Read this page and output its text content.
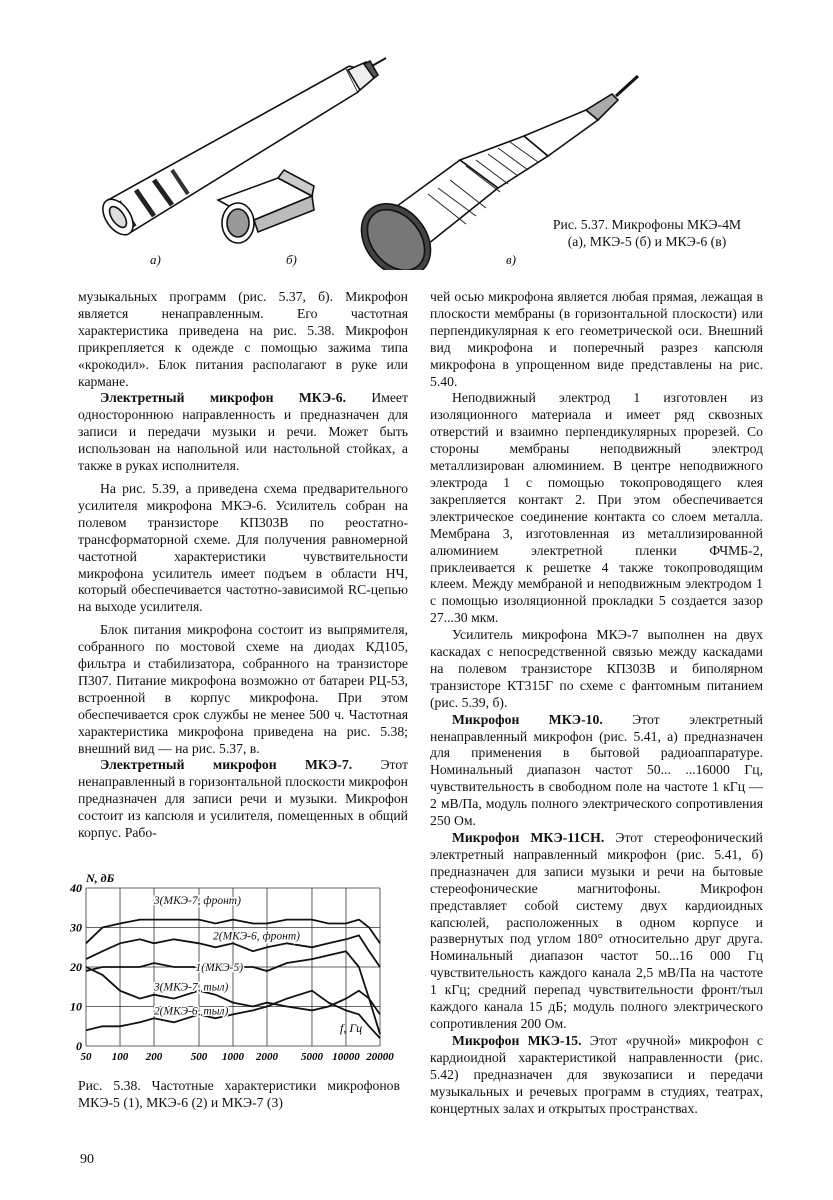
а)	б)	в)
Рис. 5.37. Микрофоны МКЭ-4М (а), МКЭ-5 (б) и МКЭ-6 (в)

музыкальных программ (рис. 5.37, б). Микрофон является ненаправленным. Его частотная характеристика приведена на рис. 5.38. Микрофон прикрепляется к одежде с помощью зажима типа «крокодил». Блок питания располагают в руке или кармане.

Электретный микрофон МКЭ-6. Имеет одностороннюю направленность и предназначен для записи и передачи музыки и речи. Может быть использован на напольной или настольной стойках, а также в руках исполнителя.

На рис. 5.39, а приведена схема предварительного усилителя микрофона МКЭ-6. Усилитель собран на полевом транзисторе КП303В по реостатно-трансформаторной схеме. Для получения равномерной частотной характеристики чувствительности микрофона усилитель имеет подъем в области НЧ, который обеспечивается частотно-зависимой RC-цепью на выходе усилителя.

Блок питания микрофона состоит из выпрямителя, собранного по мостовой схеме на диодах КД105, фильтра и стабилизатора, собранного на транзисторе П307. Питание микрофона возможно от батареи РЦ-53, встроенной в корпус микрофона. При этом обеспечивается срок службы не менее 500 ч. Частотная характеристика микрофона приведена на рис. 5.38; внешний вид — на рис. 5.37, в.

Электретный микрофон МКЭ-7. Этот ненаправленный в горизонтальной плоскости микрофон предназначен для записи речи и музыки. Микрофон состоит из капсюля и усилителя, помещенных в общий корпус. Рабо-

чей осью микрофона является любая прямая, лежащая в плоскости мембраны (в горизонтальной плоскости) или перпендикулярная к его геометрической оси. Внешний вид микрофона и поперечный разрез капсюля микрофона в упрощенном виде представлены на рис. 5.40.

Неподвижный электрод 1 изготовлен из изоляционного материала и имеет ряд сквозных отверстий и взаимно перпендикулярных прорезей. Со стороны мембраны неподвижный электрод металлизирован алюминием. В центре неподвижного электрода 1 с помощью токопроводящего клея закрепляется контакт 2. При этом обеспечивается электрическое соединение контакта со слоем металла. Мембрана 3, изготовленная из металлизированной алюминием электретной пленки ФЧМБ-2, приклеивается к решетке 4 также токопроводящим клеем. Между мембраной и неподвижным электродом 1 с помощью изоляционной прокладки 5 создается зазор 27...30 мкм.

Усилитель микрофона МКЭ-7 выполнен на двух каскадах с непосредственной связью между каскадами на полевом транзисторе КП303В и биполярном транзисторе КТ315Г по схеме с фантомным питанием (рис. 5.39, б).

Микрофон МКЭ-10. Этот электретный ненаправленный микрофон (рис. 5.41, а) предназначен для применения в бытовой радиоаппаратуре. Номинальный диапазон частот 50... ...16000 Гц, чувствительность в свободном поле на частоте 1 кГц — 2 мВ/Па, модуль полного электрического сопротивления 250 Ом.

Микрофон МКЭ-11СН. Этот стереофонический электретный направленный микрофон (рис. 5.41, б) предназначен для записи музыки и речи на бытовые стереофонические магнитофоны. Микрофон представляет собой систему двух кардиоидных капсюлей, расположенных в одном корпусе и развернутых под углом 180° относительно друг друга. Номинальный диапазон частот 50...16 000 Гц чувствительность каждого канала 2,5 мВ/Па на частоте 1 кГц; средний перепад чувствительности фронт/тыл каждого канала 15 дБ; модуль полного электрического сопротивления 200 Ом.

Микрофон МКЭ-15. Этот «ручной» микрофон с кардиоидной характеристикой направленности (рис. 5.42) предназначен для звукозаписи и передачи музыкальных и речевых программ в студиях, театрах, концертных залах и открытых пространствах.

0
10
20
30
40
50 100 200	500 1000 2000 5000 10000 20000
N, дБ
f, Гц
3(МКЭ-7, фронт)
2(МКЭ-6, фронт)
1(МКЭ-5)
3(МКЭ-7, тыл)
2(МКЭ-6, тыл)
Рис. 5.38. Частотные характеристики микрофонов МКЭ-5 (1), МКЭ-6 (2) и МКЭ-7 (3)
90
